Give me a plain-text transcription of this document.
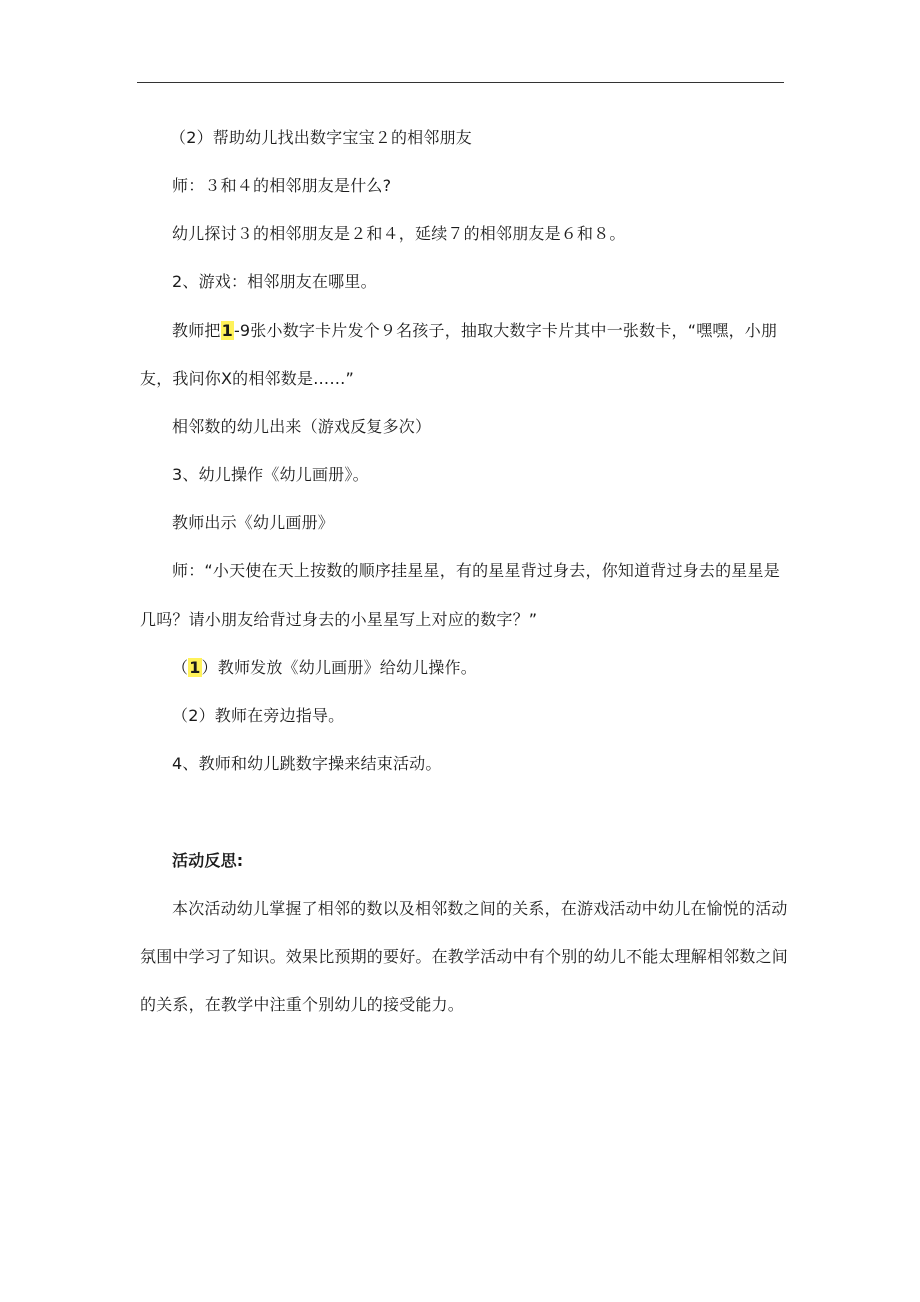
（2）帮助幼儿找出数字宝宝２的相邻朋友
师：３和４的相邻朋友是什么?
幼儿探讨３的相邻朋友是２和４，延续７的相邻朋友是６和８。
2、游戏：相邻朋友在哪里。
教师把1-9张小数字卡片发个９名孩子，抽取大数字卡片其中一张数卡，“嘿嘿，小朋
友，我问你X的相邻数是……”
相邻数的幼儿出来（游戏反复多次）
3、幼儿操作《幼儿画册》。
教师出示《幼儿画册》
师：“小天使在天上按数的顺序挂星星，有的星星背过身去，你知道背过身去的星星是
几吗？请小朋友给背过身去的小星星写上对应的数字？”
（1）教师发放《幼儿画册》给幼儿操作。
（2）教师在旁边指导。
4、教师和幼儿跳数字操来结束活动。
活动反思:
本次活动幼儿掌握了相邻的数以及相邻数之间的关系，在游戏活动中幼儿在愉悦的活动
氛围中学习了知识。效果比预期的要好。在教学活动中有个别的幼儿不能太理解相邻数之间
的关系，在教学中注重个别幼儿的接受能力。
